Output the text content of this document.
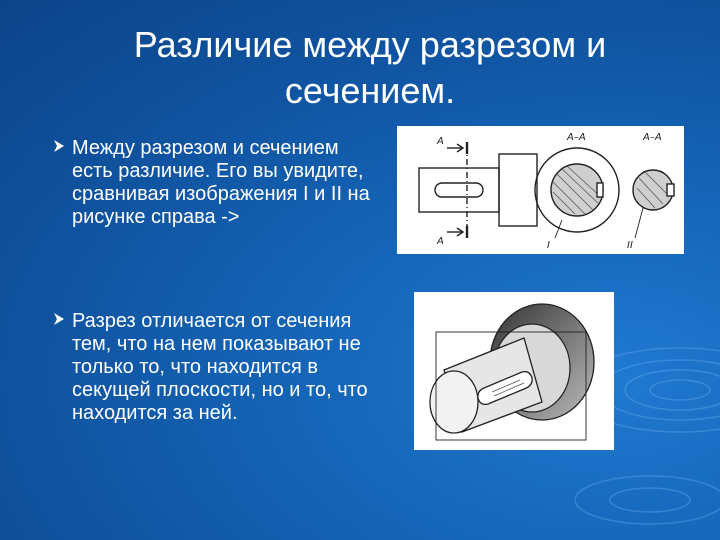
Различие между разрезом и сечением.
Между разрезом и сечением есть различие. Его вы увидите, сравнивая изображения I и II на рисунке справа ->
Разрез отличается от сечения тем, что на нем показывают не только то, что находится в секущей плоскости, но и то, что находится за ней.
А
А
А–А	А–А
I	II
